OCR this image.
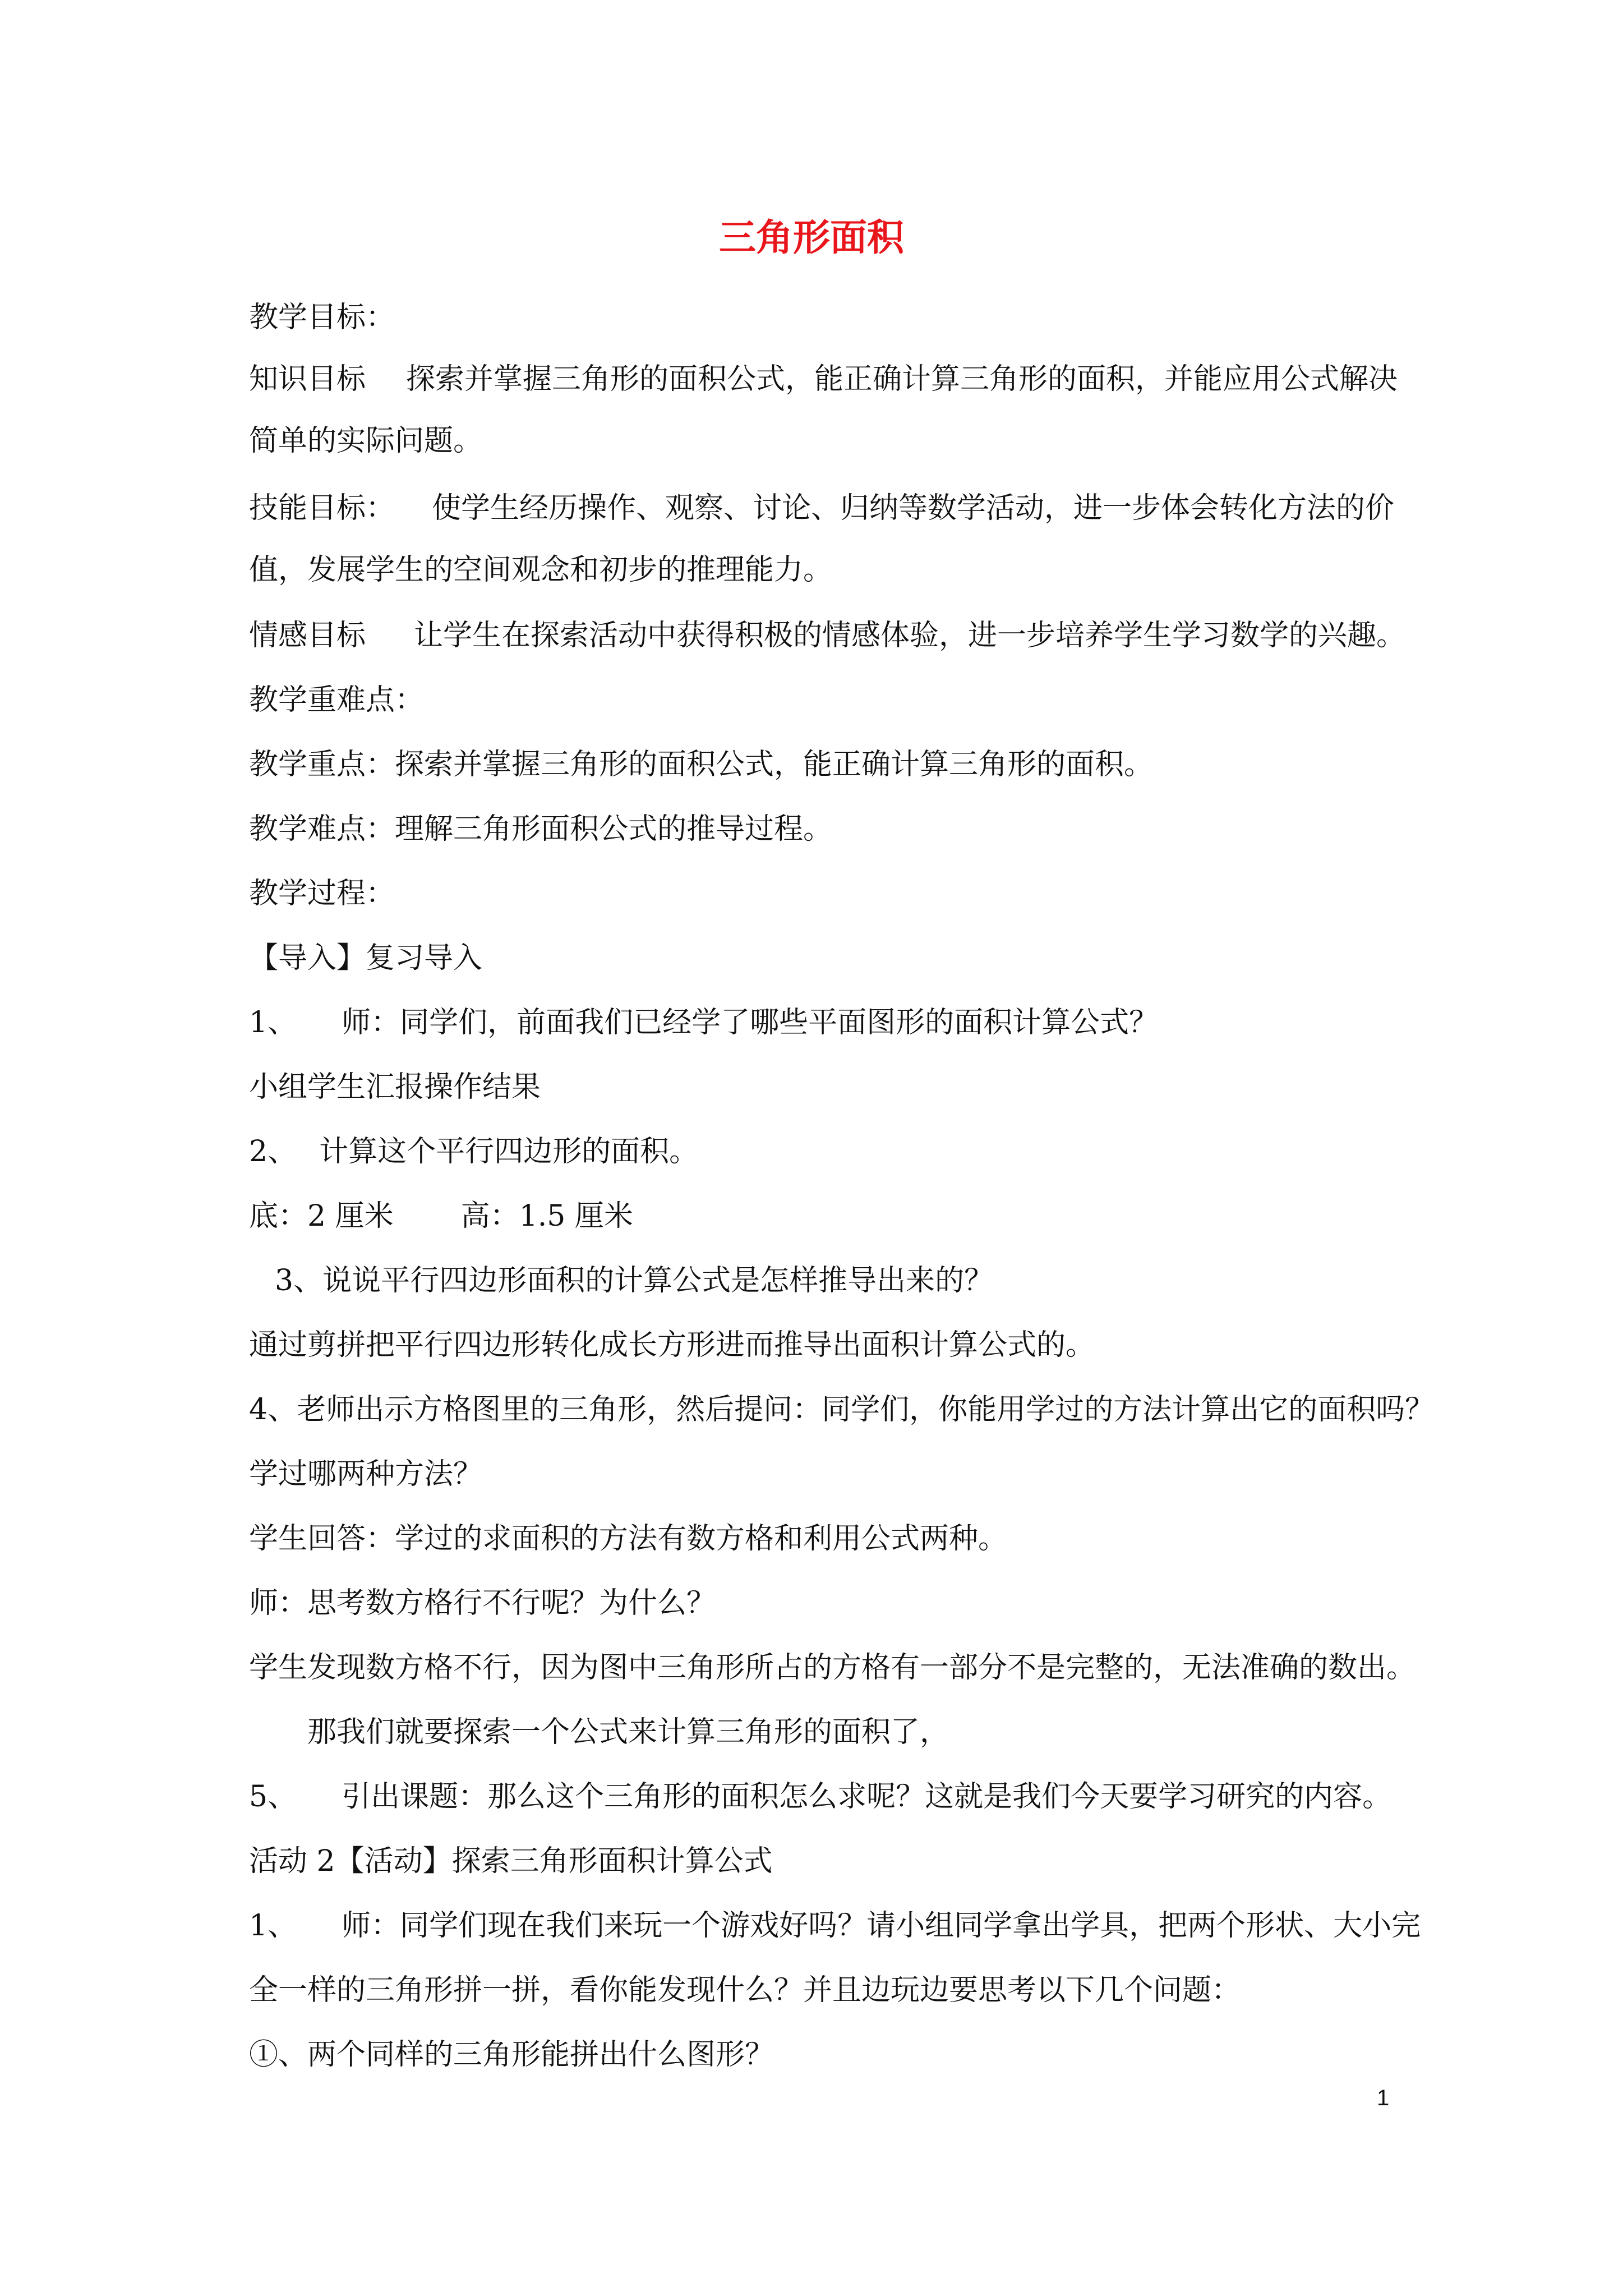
三角形面积
教学目标：
知识目标 探索并掌握三角形的面积公式，能正确计算三角形的面积，并能应用公式解决
简单的实际问题。
技能目标： 使学生经历操作、观察、讨论、归纳等数学活动，进一步体会转化方法的价
值，发展学生的空间观念和初步的推理能力。
情感目标 让学生在探索活动中获得积极的情感体验，进一步培养学生学习数学的兴趣。
教学重难点：
教学重点：探索并掌握三角形的面积公式，能正确计算三角形的面积。
教学难点：理解三角形面积公式的推导过程。
教学过程：
【导入】复习导入
1、 师：同学们，前面我们已经学了哪些平面图形的面积计算公式？
小组学生汇报操作结果
2、 计算这个平行四边形的面积。
底：2 厘米 高：1.5 厘米
3、说说平行四边形面积的计算公式是怎样推导出来的？
通过剪拼把平行四边形转化成长方形进而推导出面积计算公式的。
4、老师出示方格图里的三角形，然后提问：同学们，你能用学过的方法计算出它的面积吗？
学过哪两种方法？
学生回答：学过的求面积的方法有数方格和利用公式两种。
师：思考数方格行不行呢？为什么？
学生发现数方格不行，因为图中三角形所占的方格有一部分不是完整的，无法准确的数出。
那我们就要探索一个公式来计算三角形的面积了，
5、 引出课题：那么这个三角形的面积怎么求呢？这就是我们今天要学习研究的内容。
活动 2【活动】探索三角形面积计算公式
1、 师：同学们现在我们来玩一个游戏好吗？请小组同学拿出学具，把两个形状、大小完
全一样的三角形拼一拼，看你能发现什么？并且边玩边要思考以下几个问题：
①、两个同样的三角形能拼出什么图形？
1
